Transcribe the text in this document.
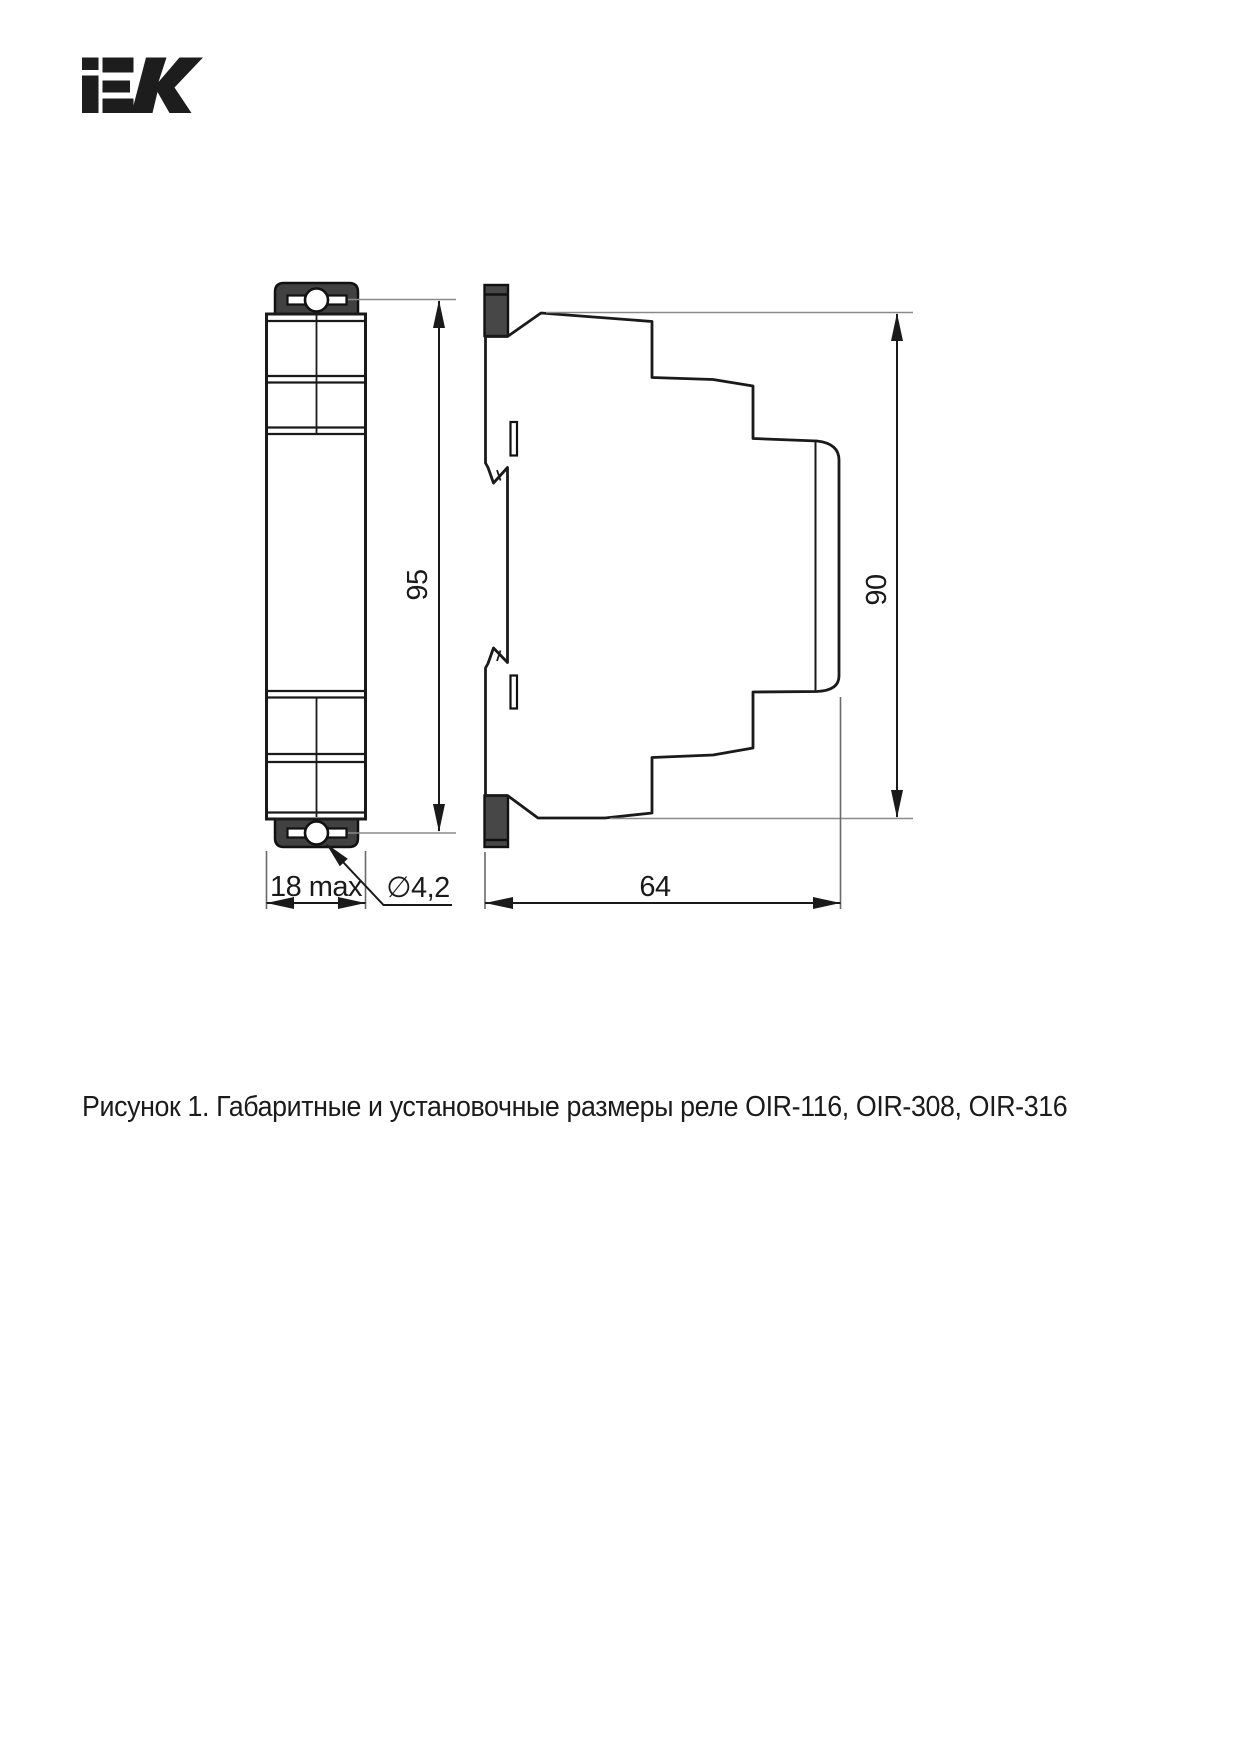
95
18 max ∅4,2
90
64
Рисунок 1. Габаритные и установочные размеры реле OIR-116, OIR-308, OIR-316
